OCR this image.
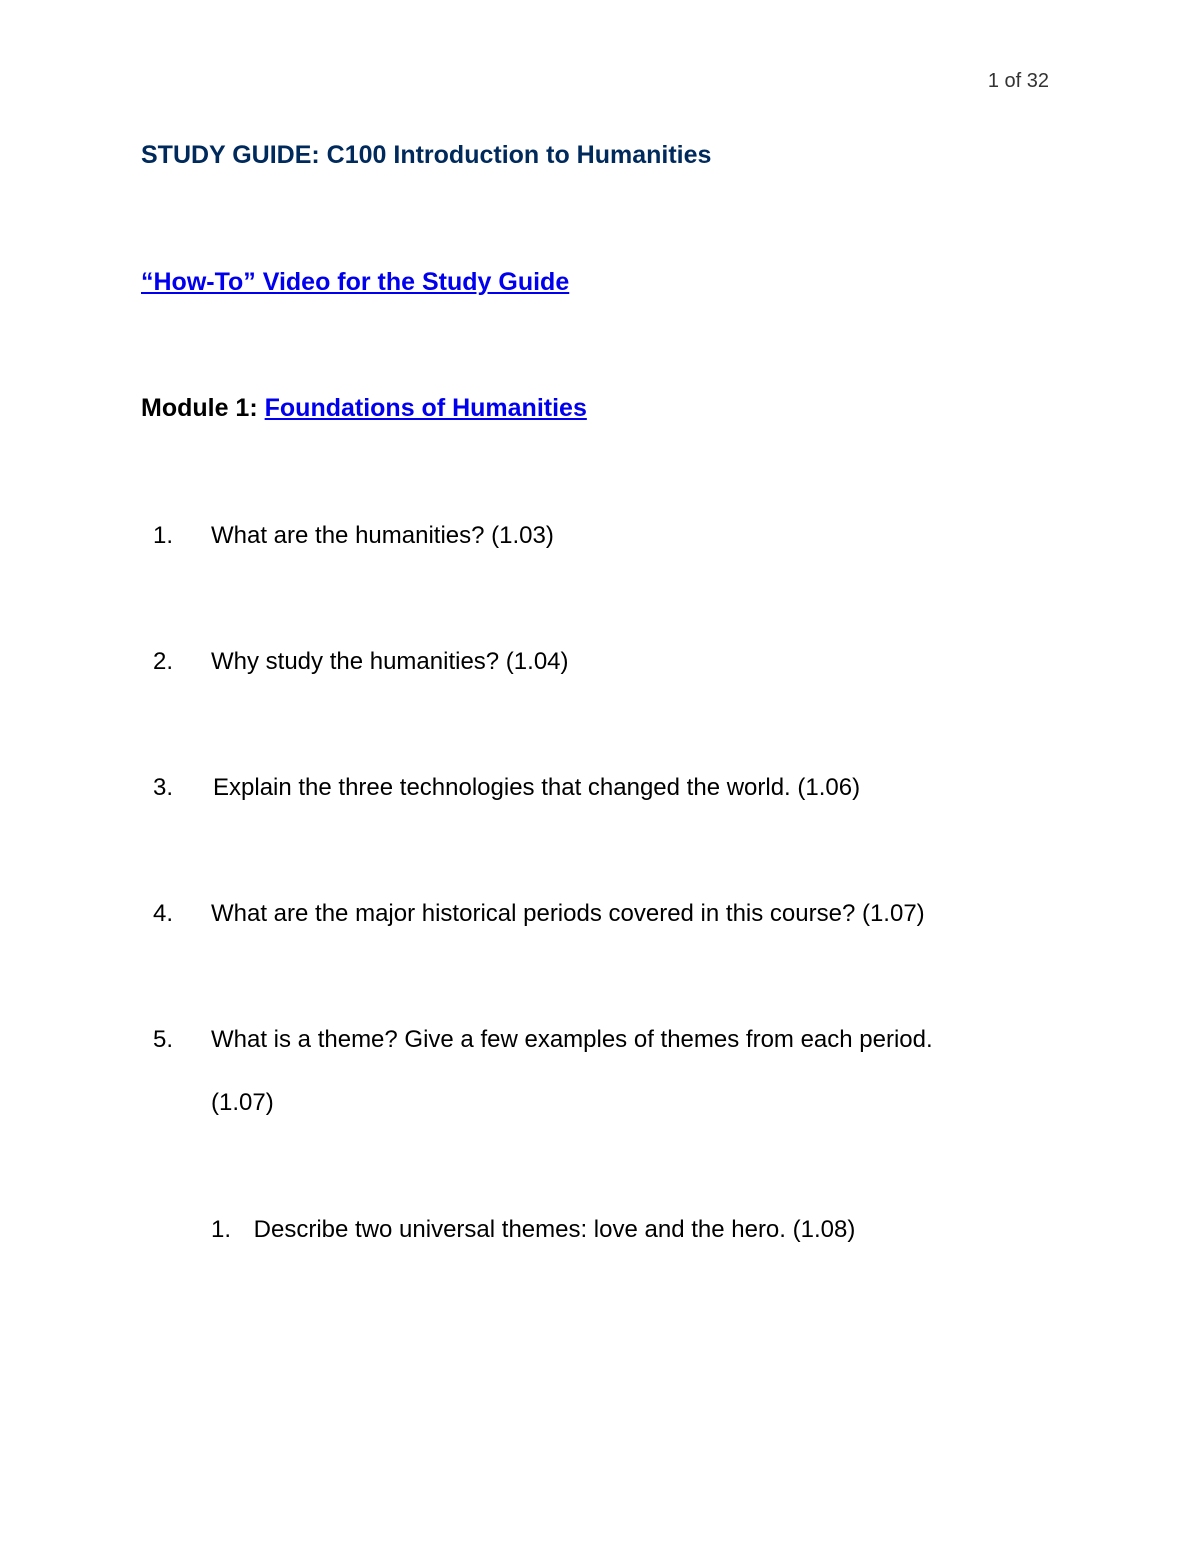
1 of 32
STUDY GUIDE: C100 Introduction to Humanities
“How-To” Video for the Study Guide
Module 1: Foundations of Humanities
1. What are the humanities? (1.03)
2. Why study the humanities? (1.04)
3. Explain the three technologies that changed the world. (1.06)
4. What are the major historical periods covered in this course? (1.07)
5. What is a theme? Give a few examples of themes from each period.
(1.07)
1. Describe two universal themes: love and the hero. (1.08)
